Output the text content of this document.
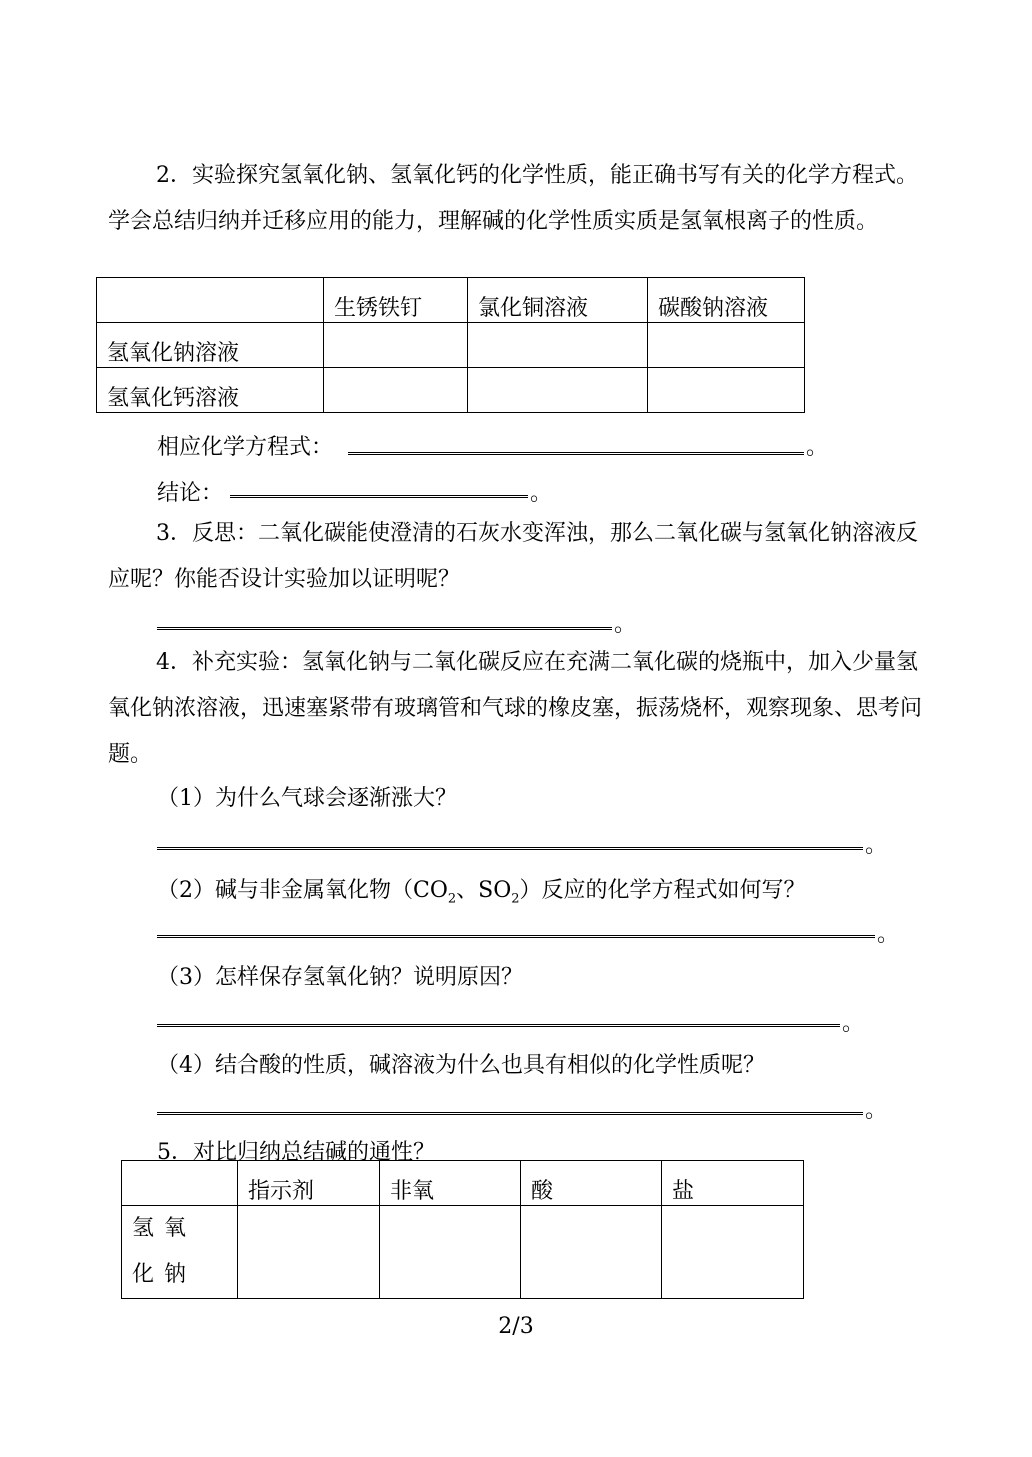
2．实验探究氢氧化钠、氢氧化钙的化学性质，能正确书写有关的化学方程式。学会总结归纳并迁移应用的能力，理解碱的化学性质实质是氢氧根离子的性质。
	生锈铁钉	氯化铜溶液	碳酸钠溶液
氢氧化钠溶液			
氢氧化钙溶液			
相应化学方程式：	。
结论：	。
3．反思：二氧化碳能使澄清的石灰水变浑浊，那么二氧化碳与氢氧化钠溶液反应呢？你能否设计实验加以证明呢？
。
4．补充实验：氢氧化钠与二氧化碳反应在充满二氧化碳的烧瓶中，加入少量氢氧化钠浓溶液，迅速塞紧带有玻璃管和气球的橡皮塞，振荡烧杯，观察现象、思考问题。
（1）为什么气球会逐渐涨大？
。
（2）碱与非金属氧化物（$CO_2$、$SO_2$）反应的化学方程式如何写？
。
（3）怎样保存氢氧化钠？说明原因？
。
（4）结合酸的性质，碱溶液为什么也具有相似的化学性质呢？
。
5．对比归纳总结碱的通性？
	指示剂	非氧	酸	盐

氢氧化钠				

2/3
